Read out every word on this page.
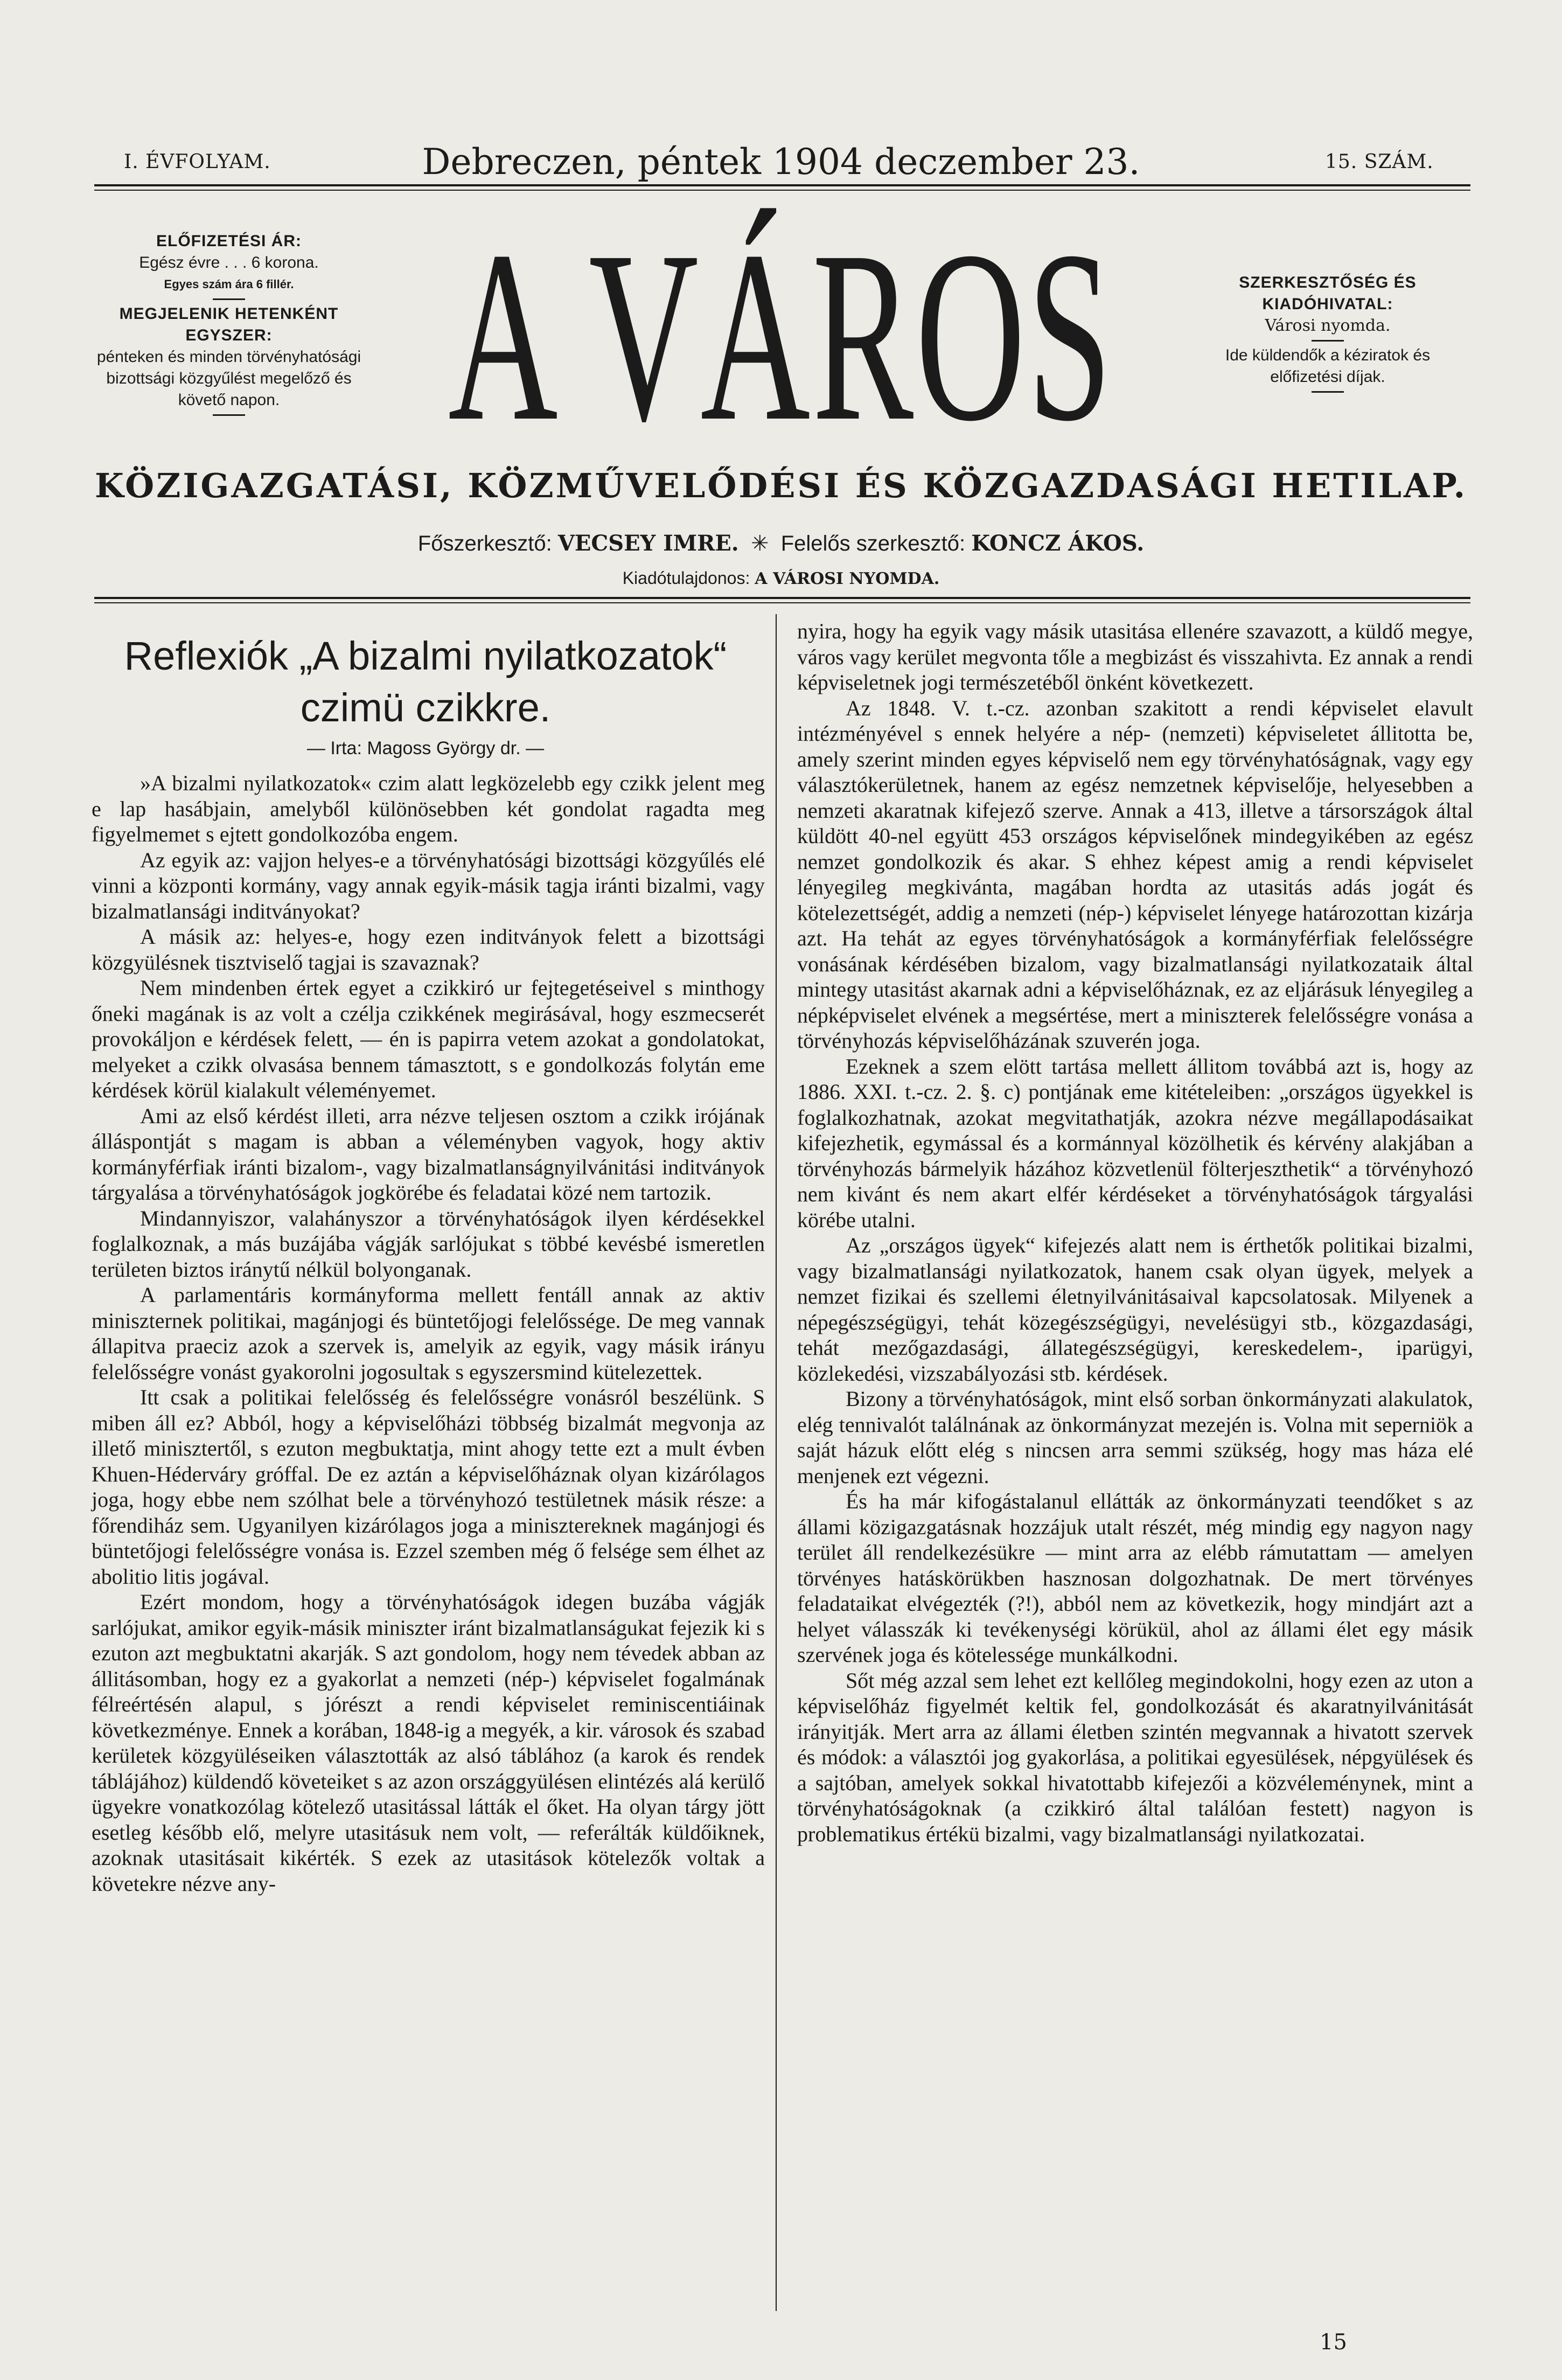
I. ÉVFOLYAM.	Debreczen, péntek 1904 deczember 23.	15. SZÁM.
ELŐFIZETÉSI ÁR:
Egész évre . . . 6 korona.
Egyes szám ára 6 fillér.
MEGJELENIK HETENKÉNT EGYSZER:
pénteken és minden törvényhatósági bizottsági közgyűlést megelőző és követő napon. A VÁROS	SZERKESZTŐSÉG ÉS KIADÓHIVATAL:
Városi nyomda.
Ide küldendők a kéziratok és előfizetési díjak.
KÖZIGAZGATÁSI, KÖZMŰVELŐDÉSI ÉS KÖZGAZDASÁGI HETILAP.
Főszerkesztő: VECSEY IMRE. ✳ Felelős szerkesztő: KONCZ ÁKOS.
Kiadótulajdonos: A VÁROSI NYOMDA.
Reflexiók „A bizalmi nyilatkozatok“
czimü czikkre.
— Irta: Magoss György dr. —

»A bizalmi nyilatkozatok« czim alatt legközelebb egy czikk jelent meg e lap hasábjain, amelyből különösebben két gondolat ragadta meg figyelmemet s ejtett gondolkozóba engem.

Az egyik az: vajjon helyes-e a törvényhatósági bizottsági közgyűlés elé vinni a központi kormány, vagy annak egyik-másik tagja iránti bizalmi, vagy bizalmatlansági inditványokat?

A másik az: helyes-e, hogy ezen inditványok felett a bizottsági közgyülésnek tisztviselő tagjai is szavaznak?

Nem mindenben értek egyet a czikkiró ur fejtegetéseivel s minthogy őneki magának is az volt a czélja czikkének megirásával, hogy eszmecserét provokáljon e kérdések felett, — én is papirra vetem azokat a gondolatokat, melyeket a czikk olvasása bennem támasztott, s e gondolkozás folytán eme kérdések körül kialakult véleményemet.

Ami az első kérdést illeti, arra nézve teljesen osztom a czikk irójának álláspontját s magam is abban a véleményben vagyok, hogy aktiv kormányférfiak iránti bizalom-, vagy bizalmatlanságnyilvánitási inditványok tárgyalása a törvényhatóságok jogkörébe és feladatai közé nem tartozik.

Mindannyiszor, valahányszor a törvényhatóságok ilyen kérdésekkel foglalkoznak, a más buzájába vágják sarlójukat s többé kevésbé ismeretlen területen biztos iránytű nélkül bolyonganak.

A parlamentáris kormányforma mellett fentáll annak az aktiv miniszternek politikai, magánjogi és büntetőjogi felelőssége. De meg vannak állapitva praeciz azok a szervek is, amelyik az egyik, vagy másik irányu felelősségre vonást gyakorolni jogosultak s egyszersmind kütelezettek.

Itt csak a politikai felelősség és felelősségre vonásról beszélünk. S miben áll ez? Abból, hogy a képviselőházi többség bizalmát megvonja az illető minisztertől, s ezuton megbuktatja, mint ahogy tette ezt a mult évben Khuen-Héderváry gróffal. De ez aztán a képviselőháznak olyan kizárólagos joga, hogy ebbe nem szólhat bele a törvényhozó testületnek másik része: a főrendiház sem. Ugyanilyen kizárólagos joga a minisztereknek magánjogi és büntetőjogi felelősségre vonása is. Ezzel szemben még ő felsége sem élhet az abolitio litis jogával.

Ezért mondom, hogy a törvényhatóságok idegen buzába vágják sarlójukat, amikor egyik-másik miniszter iránt bizalmatlanságukat fejezik ki s ezuton azt megbuktatni akarják. S azt gondolom, hogy nem tévedek abban az állitásomban, hogy ez a gyakorlat a nemzeti (nép-) képviselet fogalmának félreértésén alapul, s jórészt a rendi képviselet reminiscentiáinak következménye. Ennek a korában, 1848-ig a megyék, a kir. városok és szabad kerületek közgyüléseiken választották az alsó táblához (a karok és rendek táblájához) küldendő követeiket s az azon országgyülésen elintézés alá kerülő ügyekre vonatkozólag kötelező utasitással látták el őket. Ha olyan tárgy jött esetleg később elő, melyre utasitásuk nem volt, — referálták küldőiknek, azoknak utasitásait kikérték. S ezek az utasitások kötelezők voltak a követekre nézve any-

nyira, hogy ha egyik vagy másik utasitása ellenére szavazott, a küldő megye, város vagy kerület megvonta tőle a megbizást és visszahivta. Ez annak a rendi képviseletnek jogi természetéből önként következett.

Az 1848. V. t.-cz. azonban szakitott a rendi képviselet elavult intézményével s ennek helyére a nép- (nemzeti) képviseletet állitotta be, amely szerint minden egyes képviselő nem egy törvényhatóságnak, vagy egy választókerületnek, hanem az egész nemzetnek képviselője, helyesebben a nemzeti akaratnak kifejező szerve. Annak a 413, illetve a társországok által küldött 40-nel együtt 453 országos képviselőnek mindegyikében az egész nemzet gondolkozik és akar. S ehhez képest amig a rendi képviselet lényegileg megkivánta, magában hordta az utasitás adás jogát és kötelezettségét, addig a nemzeti (nép-) képviselet lényege határozottan kizárja azt. Ha tehát az egyes törvényhatóságok a kormányférfiak felelősségre vonásának kérdésében bizalom, vagy bizalmatlansági nyilatkozataik által mintegy utasitást akarnak adni a képviselőháznak, ez az eljárásuk lényegileg a népképviselet elvének a megsértése, mert a miniszterek felelősségre vonása a törvényhozás képviselőházának szuverén joga.

Ezeknek a szem elött tartása mellett állitom továbbá azt is, hogy az 1886. XXI. t.-cz. 2. §. c) pontjának eme kitételeiben: „országos ügyekkel is foglalkozhatnak, azokat megvitathatják, azokra nézve megállapodásaikat kifejezhetik, egymással és a kormánnyal közölhetik és kérvény alakjában a törvényhozás bármelyik házához közvetlenül fölterjeszthetik“ a törvényhozó nem kivánt és nem akart elfér kérdéseket a törvényhatóságok tárgyalási körébe utalni.

Az „országos ügyek“ kifejezés alatt nem is érthetők politikai bizalmi, vagy bizalmatlansági nyilatkozatok, hanem csak olyan ügyek, melyek a nemzet fizikai és szellemi életnyilvánitásaival kapcsolatosak. Milyenek a népegészségügyi, tehát közegészségügyi, nevelésügyi stb., közgazdasági, tehát mezőgazdasági, állategészségügyi, kereskedelem-, iparügyi, közlekedési, vizszabályozási stb. kérdések.

Bizony a törvényhatóságok, mint első sorban önkormányzati alakulatok, elég tennivalót találnának az önkormányzat mezején is. Volna mit seperniök a saját házuk előtt elég s nincsen arra semmi szükség, hogy mas háza elé menjenek ezt végezni.

És ha már kifogástalanul ellátták az önkormányzati teendőket s az állami közigazgatásnak hozzájuk utalt részét, még mindig egy nagyon nagy terület áll rendelkezésükre — mint arra az elébb rámutattam — amelyen törvényes hatáskörükben hasznosan dolgozhatnak. De mert törvényes feladataikat elvégezték (?!), abból nem az következik, hogy mindjárt azt a helyet válasszák ki tevékenységi körükül, ahol az állami élet egy másik szervének joga és kötelessége munkálkodni.

Sőt még azzal sem lehet ezt kellőleg megindokolni, hogy ezen az uton a képviselőház figyelmét keltik fel, gondolkozását és akaratnyilvánitását irányitják. Mert arra az állami életben szintén megvannak a hivatott szervek és módok: a választói jog gyakorlása, a politikai egyesülések, népgyülések és a sajtóban, amelyek sokkal hivatottabb kifejezői a közvéleménynek, mint a törvényhatóságoknak (a czikkiró által találóan festett) nagyon is problematikus értékü bizalmi, vagy bizalmatlansági nyilatkozatai.

15
